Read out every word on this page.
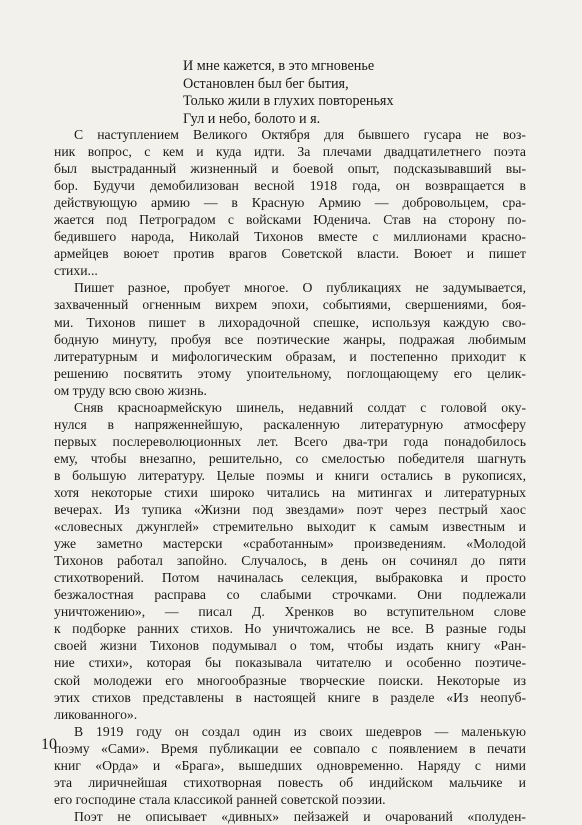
И мне кажется, в это мгновенье
Остановлен был бег бытия,
Только жили в глухих повтореньях
Гул и небо, болото и я.
С наступлением Великого Октября для бывшего гусара не воз-
ник вопрос, с кем и куда идти. За плечами двадцатилетнего поэта
был выстраданный жизненный и боевой опыт, подсказывавший вы-
бор. Будучи демобилизован весной 1918 года, он возвращается в
действующую армию — в Красную Армию — добровольцем, сра-
жается под Петроградом с войсками Юденича. Став на сторону по-
бедившего народа, Николай Тихонов вместе с миллионами красно-
армейцев воюет против врагов Советской власти. Воюет и пишет
стихи...
Пишет разное, пробует многое. О публикациях не задумывается,
захваченный огненным вихрем эпохи, событиями, свершениями, боя-
ми. Тихонов пишет в лихорадочной спешке, используя каждую сво-
бодную минуту, пробуя все поэтические жанры, подражая любимым
литературным и мифологическим образам, и постепенно приходит к
решению посвятить этому упоительному, поглощающему его целик-
ом труду всю свою жизнь.
Сняв красноармейскую шинель, недавний солдат с головой оку-
нулся в напряженнейшую, раскаленную литературную атмосферу
первых послереволюционных лет. Всего два-три года понадобилось
ему, чтобы внезапно, решительно, со смелостью победителя шагнуть
в большую литературу. Целые поэмы и книги остались в рукописях,
хотя некоторые стихи широко читались на митингах и литературных
вечерах. Из тупика «Жизни под звездами» поэт через пестрый хаос
«словесных джунглей» стремительно выходит к самым известным и
уже заметно мастерски «сработанным» произведениям. «Молодой
Тихонов работал запойно. Случалось, в день он сочинял до пяти
стихотворений. Потом начиналась селекция, выбраковка и просто
безжалостная расправа со слабыми строчками. Они подлежали
уничтожению», — писал Д. Хренков во вступительном слове
к подборке ранних стихов. Но уничтожались не все. В разные годы
своей жизни Тихонов подумывал о том, чтобы издать книгу «Ран-
ние стихи», которая бы показывала читателю и особенно поэтиче-
ской молодежи его многообразные творческие поиски. Некоторые из
этих стихов представлены в настоящей книге в разделе «Из неопуб-
ликованного».
В 1919 году он создал один из своих шедевров — маленькую
поэму «Сами». Время публикации ее совпало с появлением в печати
книг «Орда» и «Брага», вышедших одновременно. Наряду с ними
эта лиричнейшая стихотворная повесть об индийском мальчике и
его господине стала классикой ранней советской поэзии.
Поэт не описывает «дивных» пейзажей и очарований «полуден-
10
